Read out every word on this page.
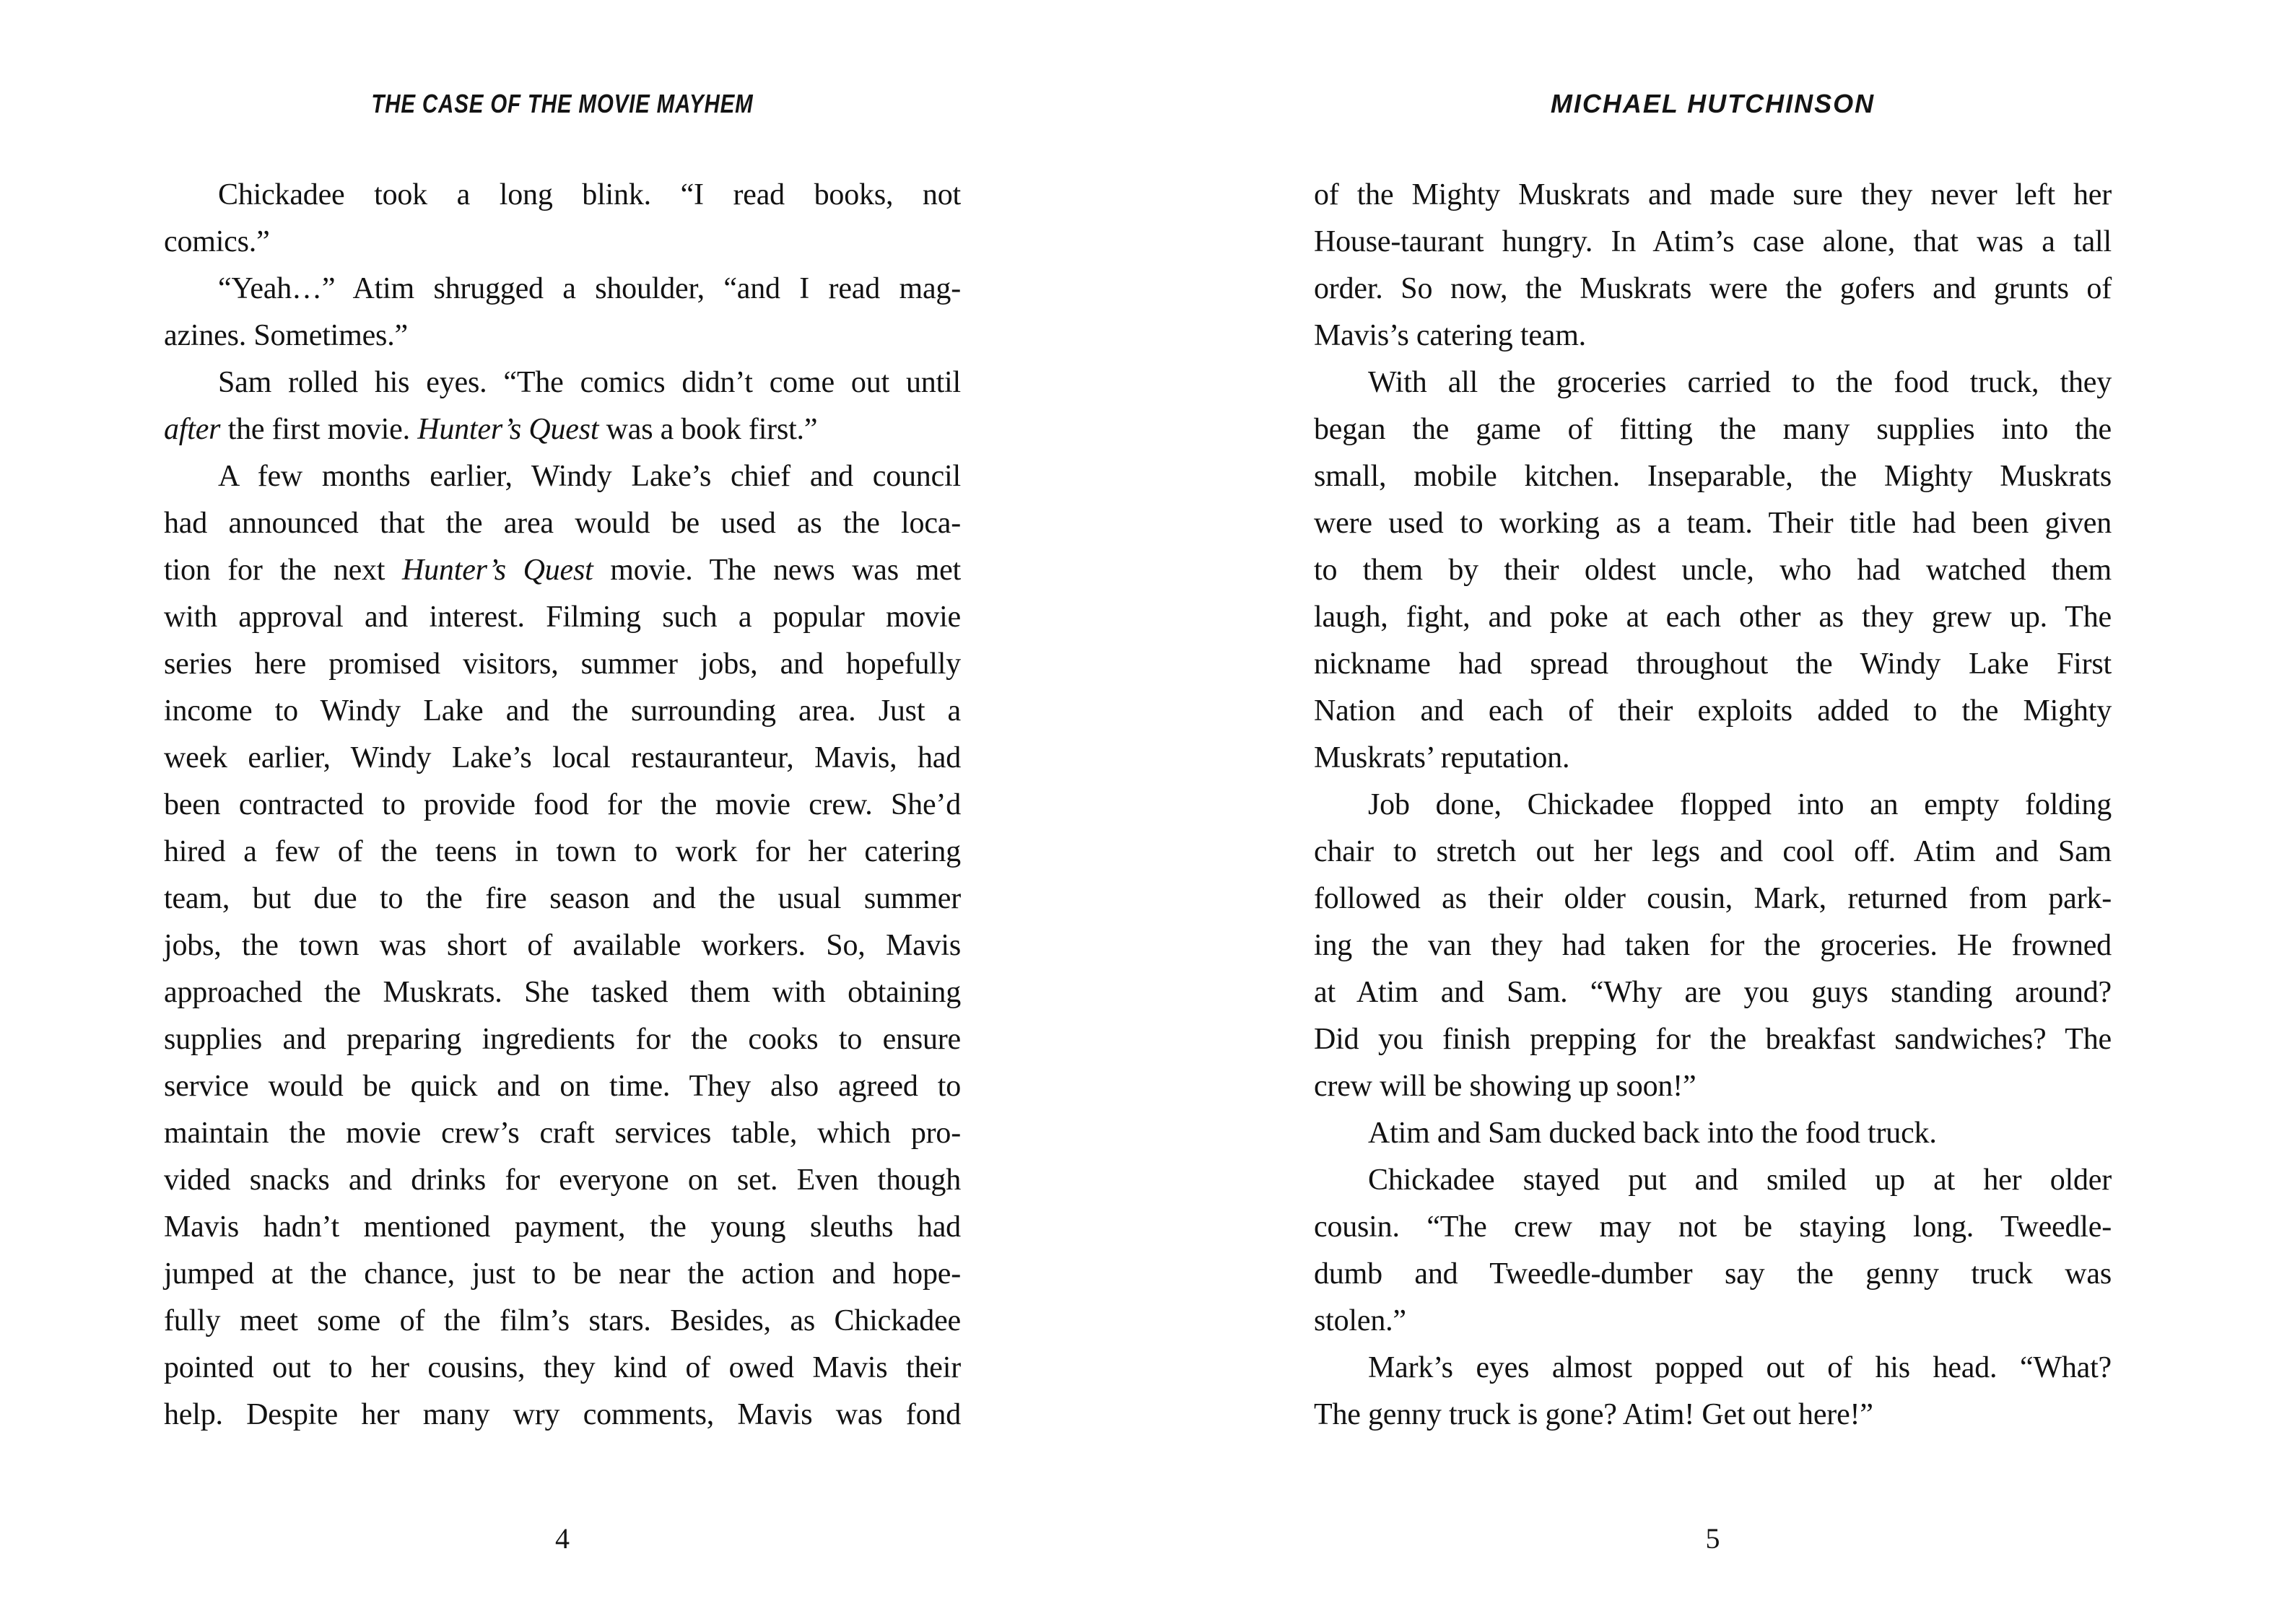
THE CASE OF THE MOVIE MAYHEM
Chickadee took a long blink. “I read books, not
comics.”
“Yeah…” Atim shrugged a shoulder, “and I read mag-
azines. Sometimes.”
Sam rolled his eyes. “The comics didn’t come out until
after the first movie. Hunter’s Quest was a book first.”
A few months earlier, Windy Lake’s chief and council
had announced that the area would be used as the loca-
tion for the next Hunter’s Quest movie. The news was met
with approval and interest. Filming such a popular movie
series here promised visitors, summer jobs, and hopefully
income to Windy Lake and the surrounding area. Just a
week earlier, Windy Lake’s local restauranteur, Mavis, had
been contracted to provide food for the movie crew. She’d
hired a few of the teens in town to work for her catering
team, but due to the fire season and the usual summer
jobs, the town was short of available workers. So, Mavis
approached the Muskrats. She tasked them with obtaining
supplies and preparing ingredients for the cooks to ensure
service would be quick and on time. They also agreed to
maintain the movie crew’s craft services table, which pro-
vided snacks and drinks for everyone on set. Even though
Mavis hadn’t mentioned payment, the young sleuths had
jumped at the chance, just to be near the action and hope-
fully meet some of the film’s stars. Besides, as Chickadee
pointed out to her cousins, they kind of owed Mavis their
help. Despite her many wry comments, Mavis was fond
4
MICHAEL HUTCHINSON
of the Mighty Muskrats and made sure they never left her
House-taurant hungry. In Atim’s case alone, that was a tall
order. So now, the Muskrats were the gofers and grunts of
Mavis’s catering team.
With all the groceries carried to the food truck, they
began the game of fitting the many supplies into the
small, mobile kitchen. Inseparable, the Mighty Muskrats
were used to working as a team. Their title had been given
to them by their oldest uncle, who had watched them
laugh, fight, and poke at each other as they grew up. The
nickname had spread throughout the Windy Lake First
Nation and each of their exploits added to the Mighty
Muskrats’ reputation.
Job done, Chickadee flopped into an empty folding
chair to stretch out her legs and cool off. Atim and Sam
followed as their older cousin, Mark, returned from park-
ing the van they had taken for the groceries. He frowned
at Atim and Sam. “Why are you guys standing around?
Did you finish prepping for the breakfast sandwiches? The
crew will be showing up soon!”
Atim and Sam ducked back into the food truck.
Chickadee stayed put and smiled up at her older
cousin. “The crew may not be staying long. Tweedle-
dumb and Tweedle-dumber say the genny truck was
stolen.”
Mark’s eyes almost popped out of his head. “What?
The genny truck is gone? Atim! Get out here!”
5
